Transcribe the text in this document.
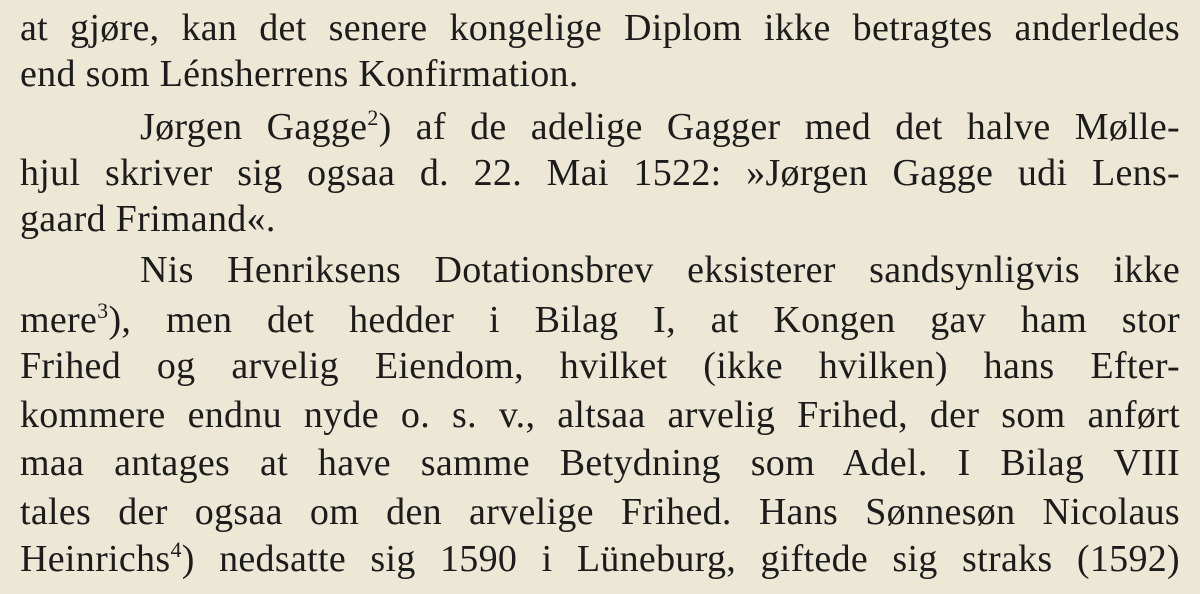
at gjøre, kan det senere kongelige Diplom ikke betragtes anderledes
end som Lénsherrens Konfirmation.
Jørgen Gagge$^2$) af de adelige Gagger med det halve Mølle-
hjul skriver sig ogsaa d. 22. Mai 1522: »Jørgen Gagge udi Lens-
gaard Frimand«.
Nis Henriksens Dotationsbrev eksisterer sandsynligvis ikke
mere$^3$), men det hedder i Bilag I, at Kongen gav ham stor
Frihed og arvelig Eiendom, hvilket (ikke hvilken) hans Efter-
kommere endnu nyde o. s. v., altsaa arvelig Frihed, der som anført
maa antages at have samme Betydning som Adel. I Bilag VIII
tales der ogsaa om den arvelige Frihed. Hans Sønnesøn Nicolaus
Heinrichs$^4$) nedsatte sig 1590 i Lüneburg, giftede sig straks (1592)
